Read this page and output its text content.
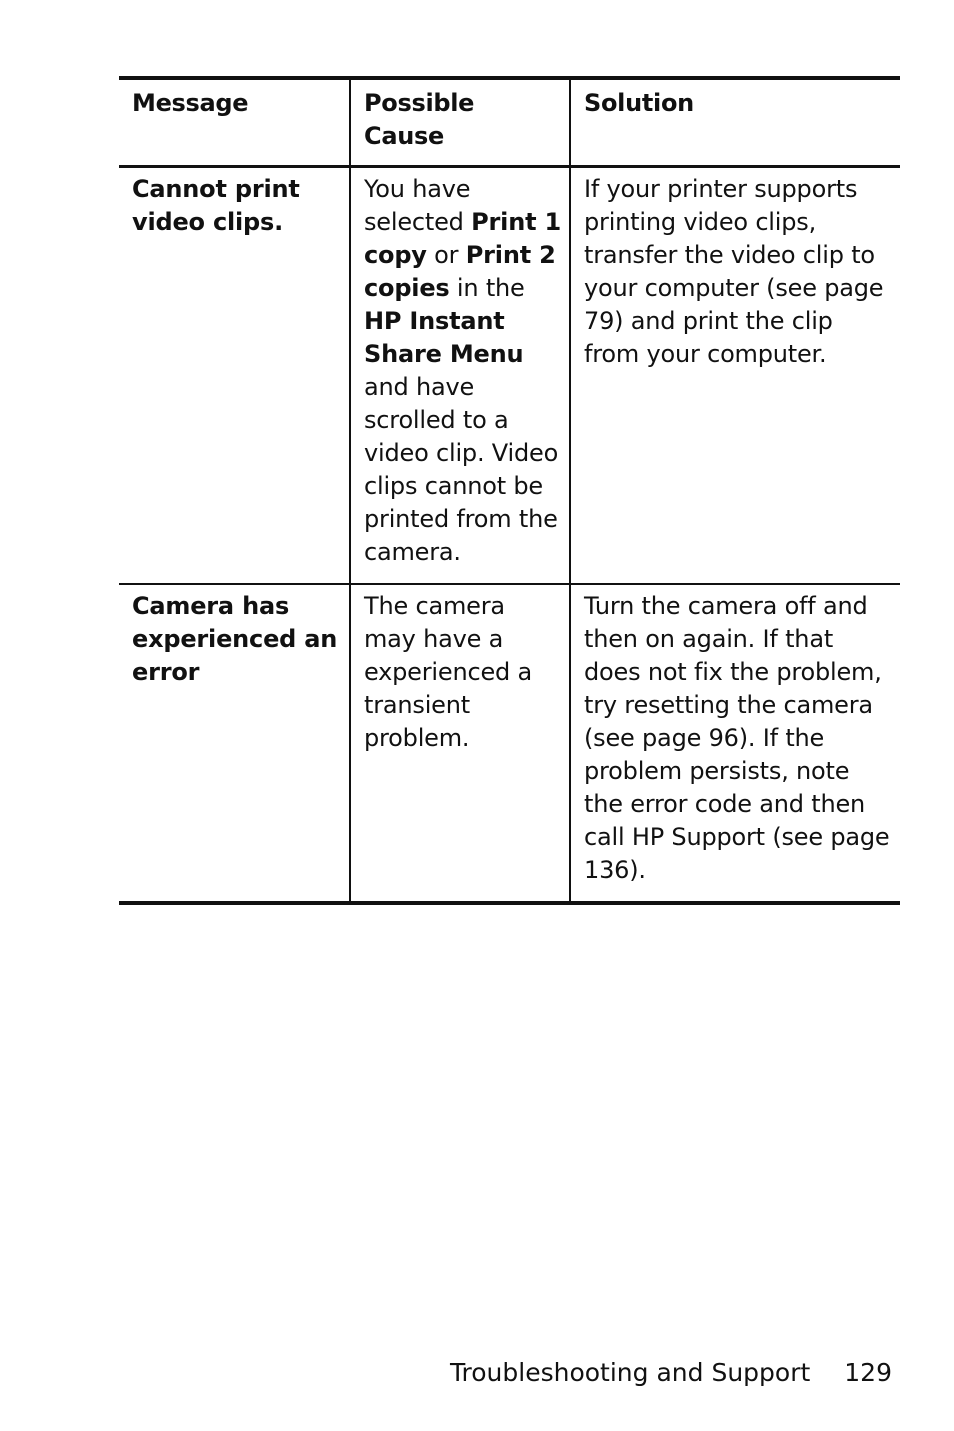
Message	Possible Cause	Solution
Cannot print video clips.	You have selected Print 1 copy or Print 2 copies in the HP Instant Share Menu and have scrolled to a video clip. Video clips cannot be printed from the camera.	If your printer supports printing video clips, transfer the video clip to your computer (see page 79) and print the clip from your computer.
Camera has experienced an error	The camera may have a experienced a transient problem.	Turn the camera off and then on again. If that does not fix the problem, try resetting the camera (see page 96). If the problem persists, note the error code and then call HP Support (see page 136).
Troubleshooting and Support 129
